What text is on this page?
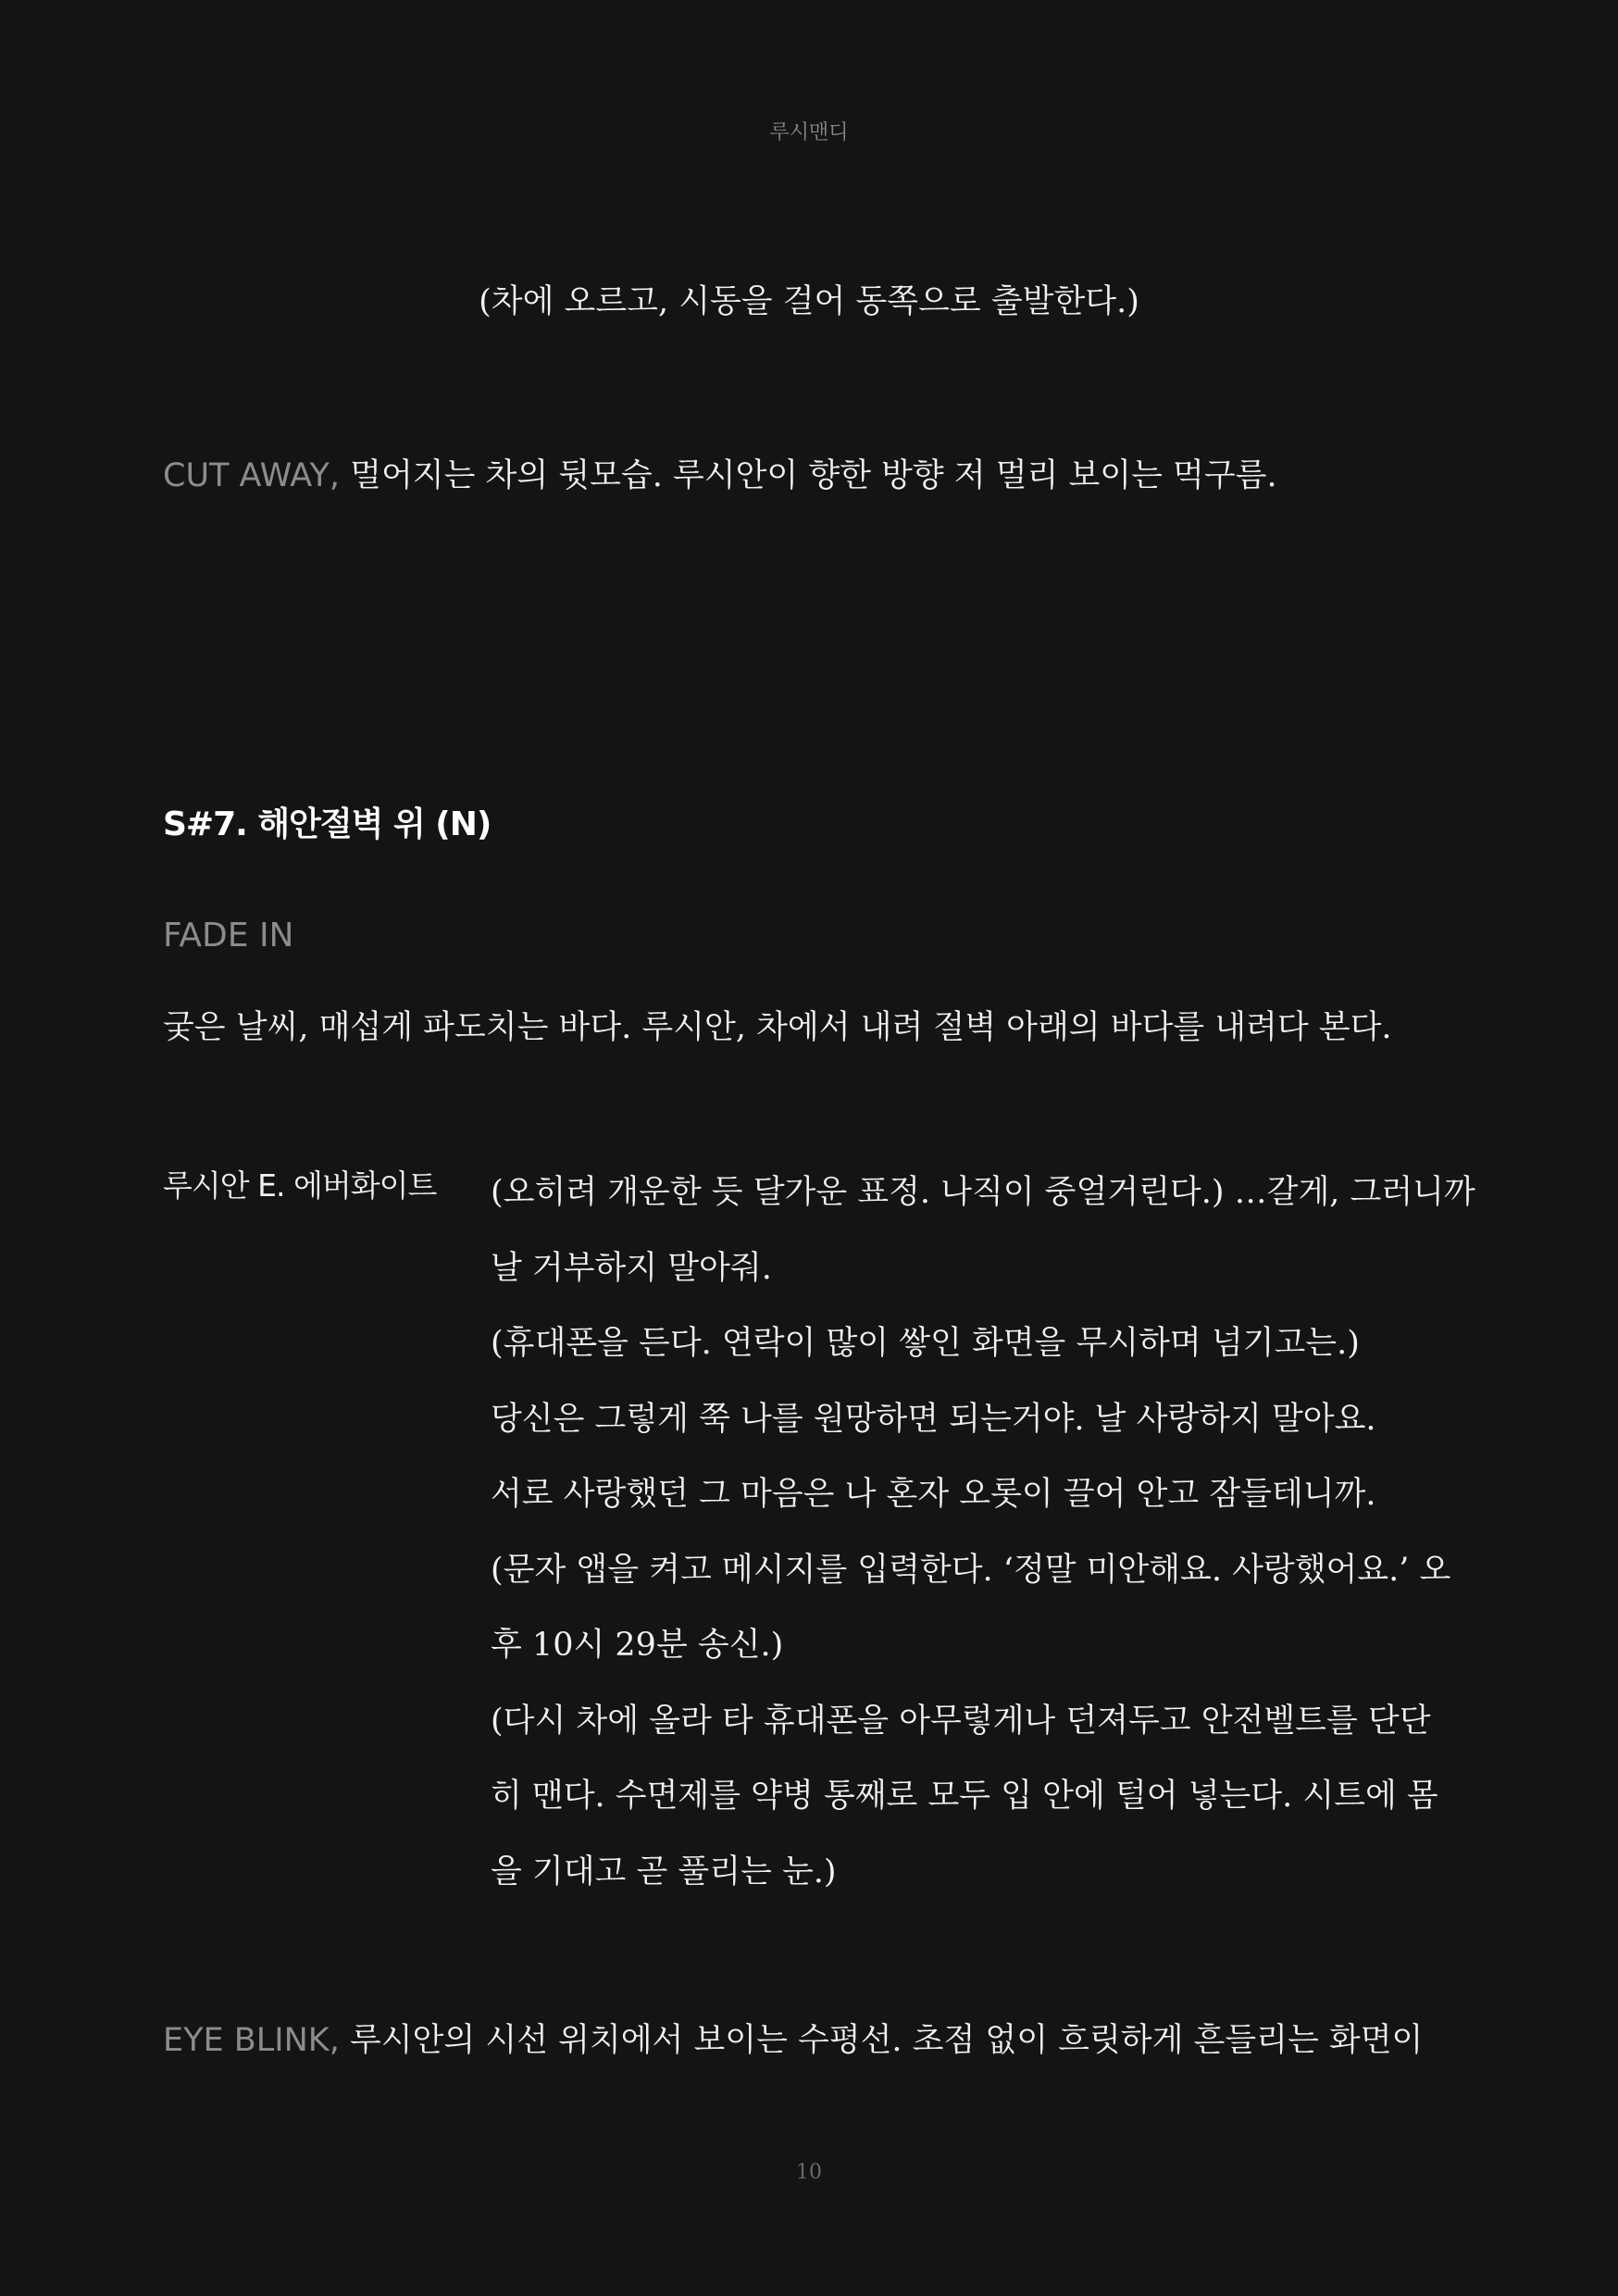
루시맨디
(차에 오르고, 시동을 걸어 동쪽으로 출발한다.)
CUT AWAY, 멀어지는 차의 뒷모습. 루시안이 향한 방향 저 멀리 보이는 먹구름.
S#7. 해안절벽 위 (N)
FADE IN
궂은 날씨, 매섭게 파도치는 바다. 루시안, 차에서 내려 절벽 아래의 바다를 내려다 본다.
루시안 E. 에버화이트 (오히려 개운한 듯 달가운 표정. 나직이 중얼거린다.) …갈게, 그러니까
날 거부하지 말아줘.
(휴대폰을 든다. 연락이 많이 쌓인 화면을 무시하며 넘기고는.)
당신은 그렇게 쭉 나를 원망하면 되는거야. 날 사랑하지 말아요.
서로 사랑했던 그 마음은 나 혼자 오롯이 끌어 안고 잠들테니까.
(문자 앱을 켜고 메시지를 입력한다. ‘정말 미안해요. 사랑했어요.’ 오
후 10시 29분 송신.)
(다시 차에 올라 타 휴대폰을 아무렇게나 던져두고 안전벨트를 단단
히 맨다. 수면제를 약병 통째로 모두 입 안에 털어 넣는다. 시트에 몸
을 기대고 곧 풀리는 눈.)
EYE BLINK, 루시안의 시선 위치에서 보이는 수평선. 초점 없이 흐릿하게 흔들리는 화면이
10
